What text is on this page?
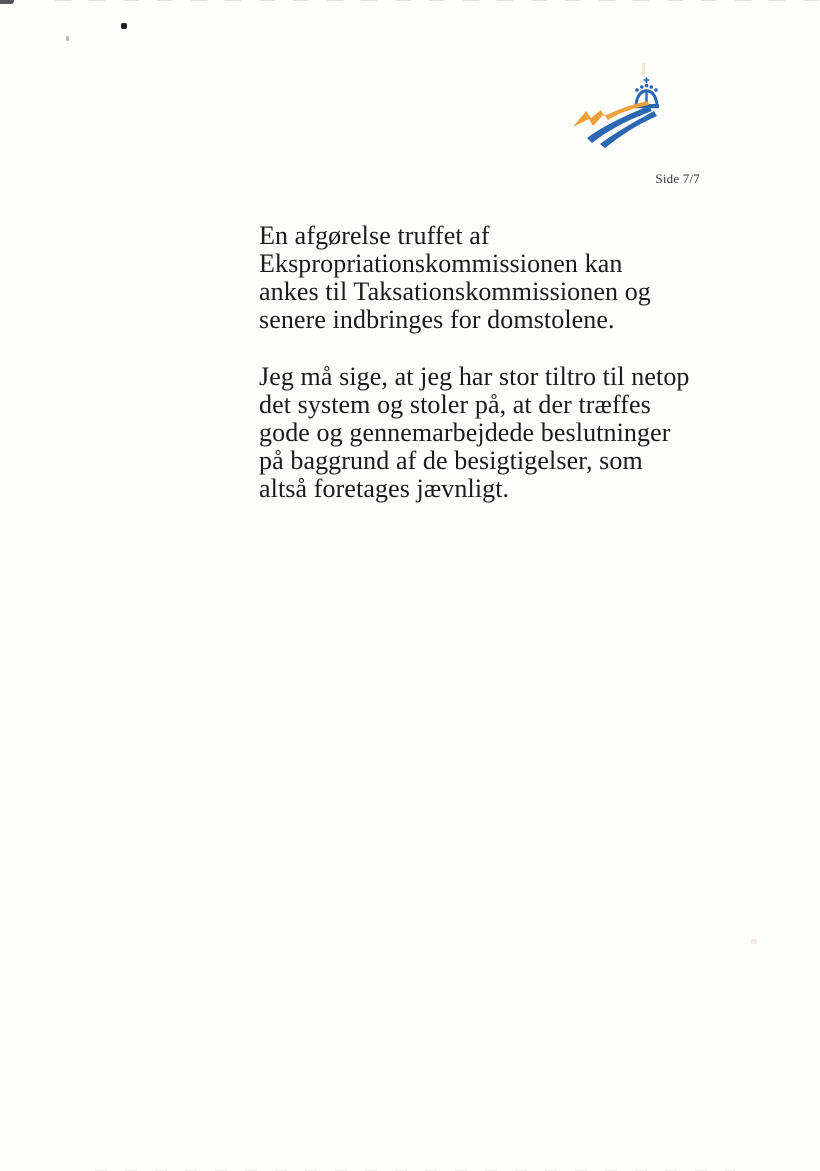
Side 7/7
En afgørelse truffet af
Ekspropriationskommissionen kan
ankes til Taksationskommissionen og
senere indbringes for domstolene.
Jeg må sige, at jeg har stor tiltro til netop
det system og stoler på, at der træffes
gode og gennemarbejdede beslutninger
på baggrund af de besigtigelser, som
altså foretages jævnligt.
